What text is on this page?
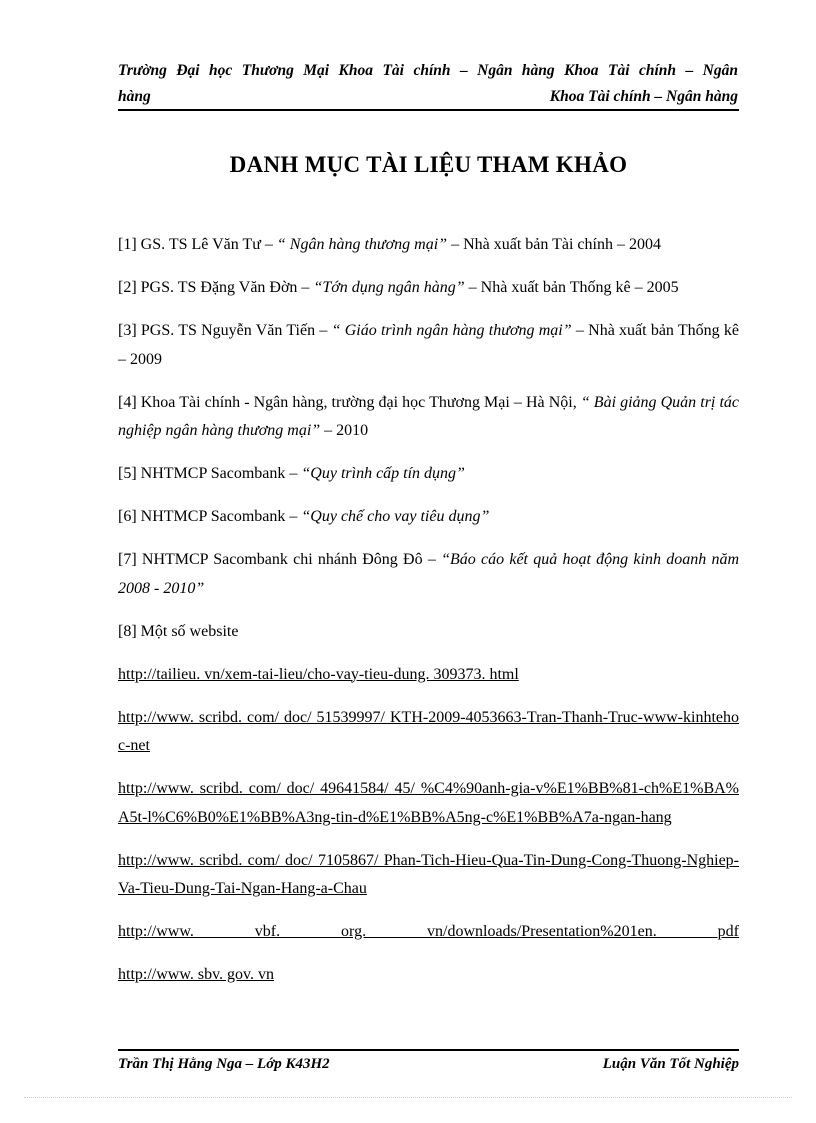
Trường Đại học Thương Mại Khoa Tài chính – Ngân hàng Khoa Tài chính – Ngân
hàng	Khoa Tài chính – Ngân hàng
DANH MỤC TÀI LIỆU THAM KHẢO

[1] GS. TS Lê Văn Tư – “ Ngân hàng thương mại” – Nhà xuất bản Tài chính – 2004

[2] PGS. TS Đặng Văn Đờn – “Tớn dụng ngân hàng” – Nhà xuất bản Thống kê – 2005

[3] PGS. TS Nguyễn Văn Tiến – “ Giáo trình ngân hàng thương mại” – Nhà xuất bản Thống kê – 2009

[4] Khoa Tài chính - Ngân hàng, trường đại học Thương Mại – Hà Nội, “ Bài giảng Quản trị tác nghiệp ngân hàng thương mại” – 2010

[5] NHTMCP Sacombank – “Quy trình cấp tín dụng”

[6] NHTMCP Sacombank – “Quy chế cho vay tiêu dụng”

[7] NHTMCP Sacombank chi nhánh Đông Đô – “Báo cáo kết quả hoạt động kinh doanh năm 2008 - 2010”

[8] Một số website

http://tailieu. vn/xem-tai-lieu/cho-vay-tieu-dung. 309373. html
http://www. scribd. com/ doc/ 51539997/ KTH-2009-4053663-Tran-Thanh-Truc-www-kinhtehoc-net
http://www. scribd. com/ doc/ 49641584/ 45/ %C4%90anh-gia-v%E1%BB%81-ch%E1%BA%A5t-l%C6%B0%E1%BB%A3ng-tin-d%E1%BB%A5ng-c%E1%BB%A7a-ngan-hang
http://www. scribd. com/ doc/ 7105867/ Phan-Tich-Hieu-Qua-Tin-Dung-Cong-Thuong-Nghiep-Va-Tieu-Dung-Tai-Ngan-Hang-a-Chau
http://www. vbf. org. vn/downloads/Presentation%201en. pdf
http://www. sbv. gov. vn
Trần Thị Hằng Nga – Lớp K43H2	Luận Văn Tốt Nghiệp
